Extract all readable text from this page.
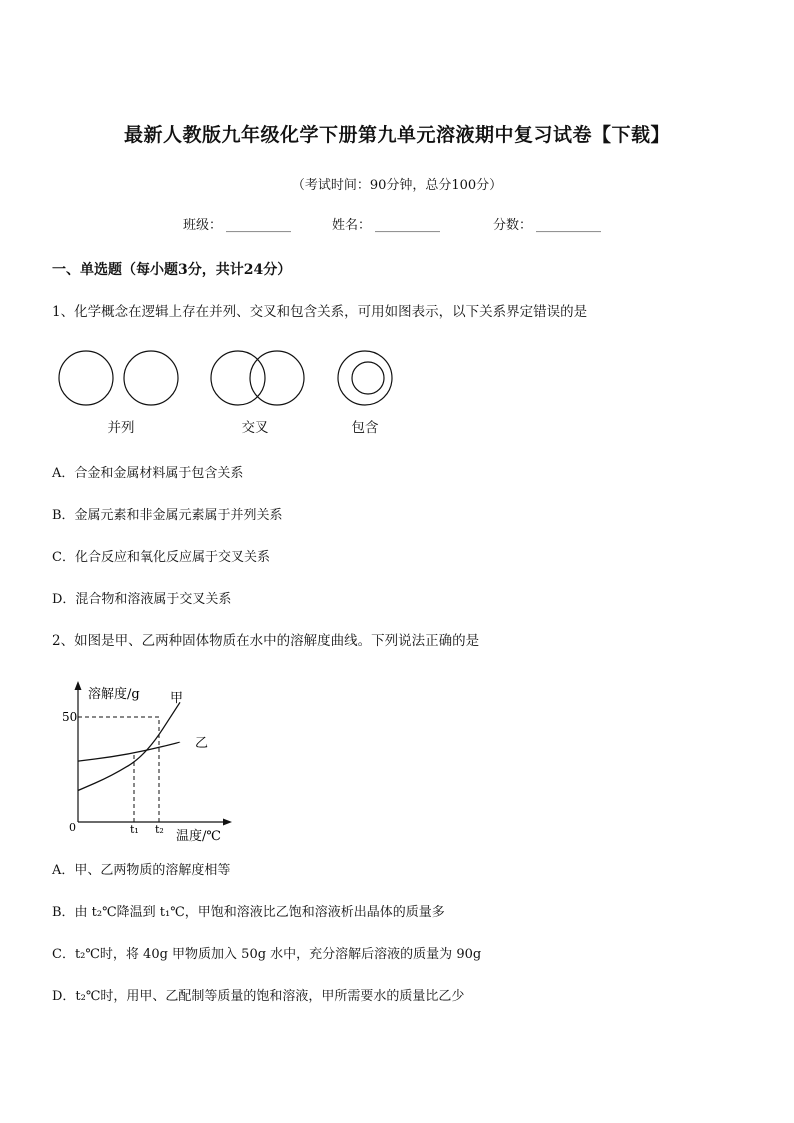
最新人教版九年级化学下册第九单元溶液期中复习试卷【下载】
（考试时间：90分钟，总分100分）
班级： __________	姓名： __________	分数： __________
一、单选题（每小题3分，共计24分）
1、化学概念在逻辑上存在并列、交叉和包含关系，可用如图表示，以下关系界定错误的是
并列	交叉	包含
A．合金和金属材料属于包含关系
B．金属元素和非金属元素属于并列关系
C．化合反应和氧化反应属于交叉关系
D．混合物和溶液属于交叉关系
2、如图是甲、乙两种固体物质在水中的溶解度曲线。下列说法正确的是
溶解度/g
温度/℃
0
50
t₁ t₂
甲
乙
A．甲、乙两物质的溶解度相等
B．由 t₂℃降温到 t₁℃，甲饱和溶液比乙饱和溶液析出晶体的质量多
C．t₂℃时，将 40g 甲物质加入 50g 水中，充分溶解后溶液的质量为 90g
D．t₂℃时，用甲、乙配制等质量的饱和溶液，甲所需要水的质量比乙少
